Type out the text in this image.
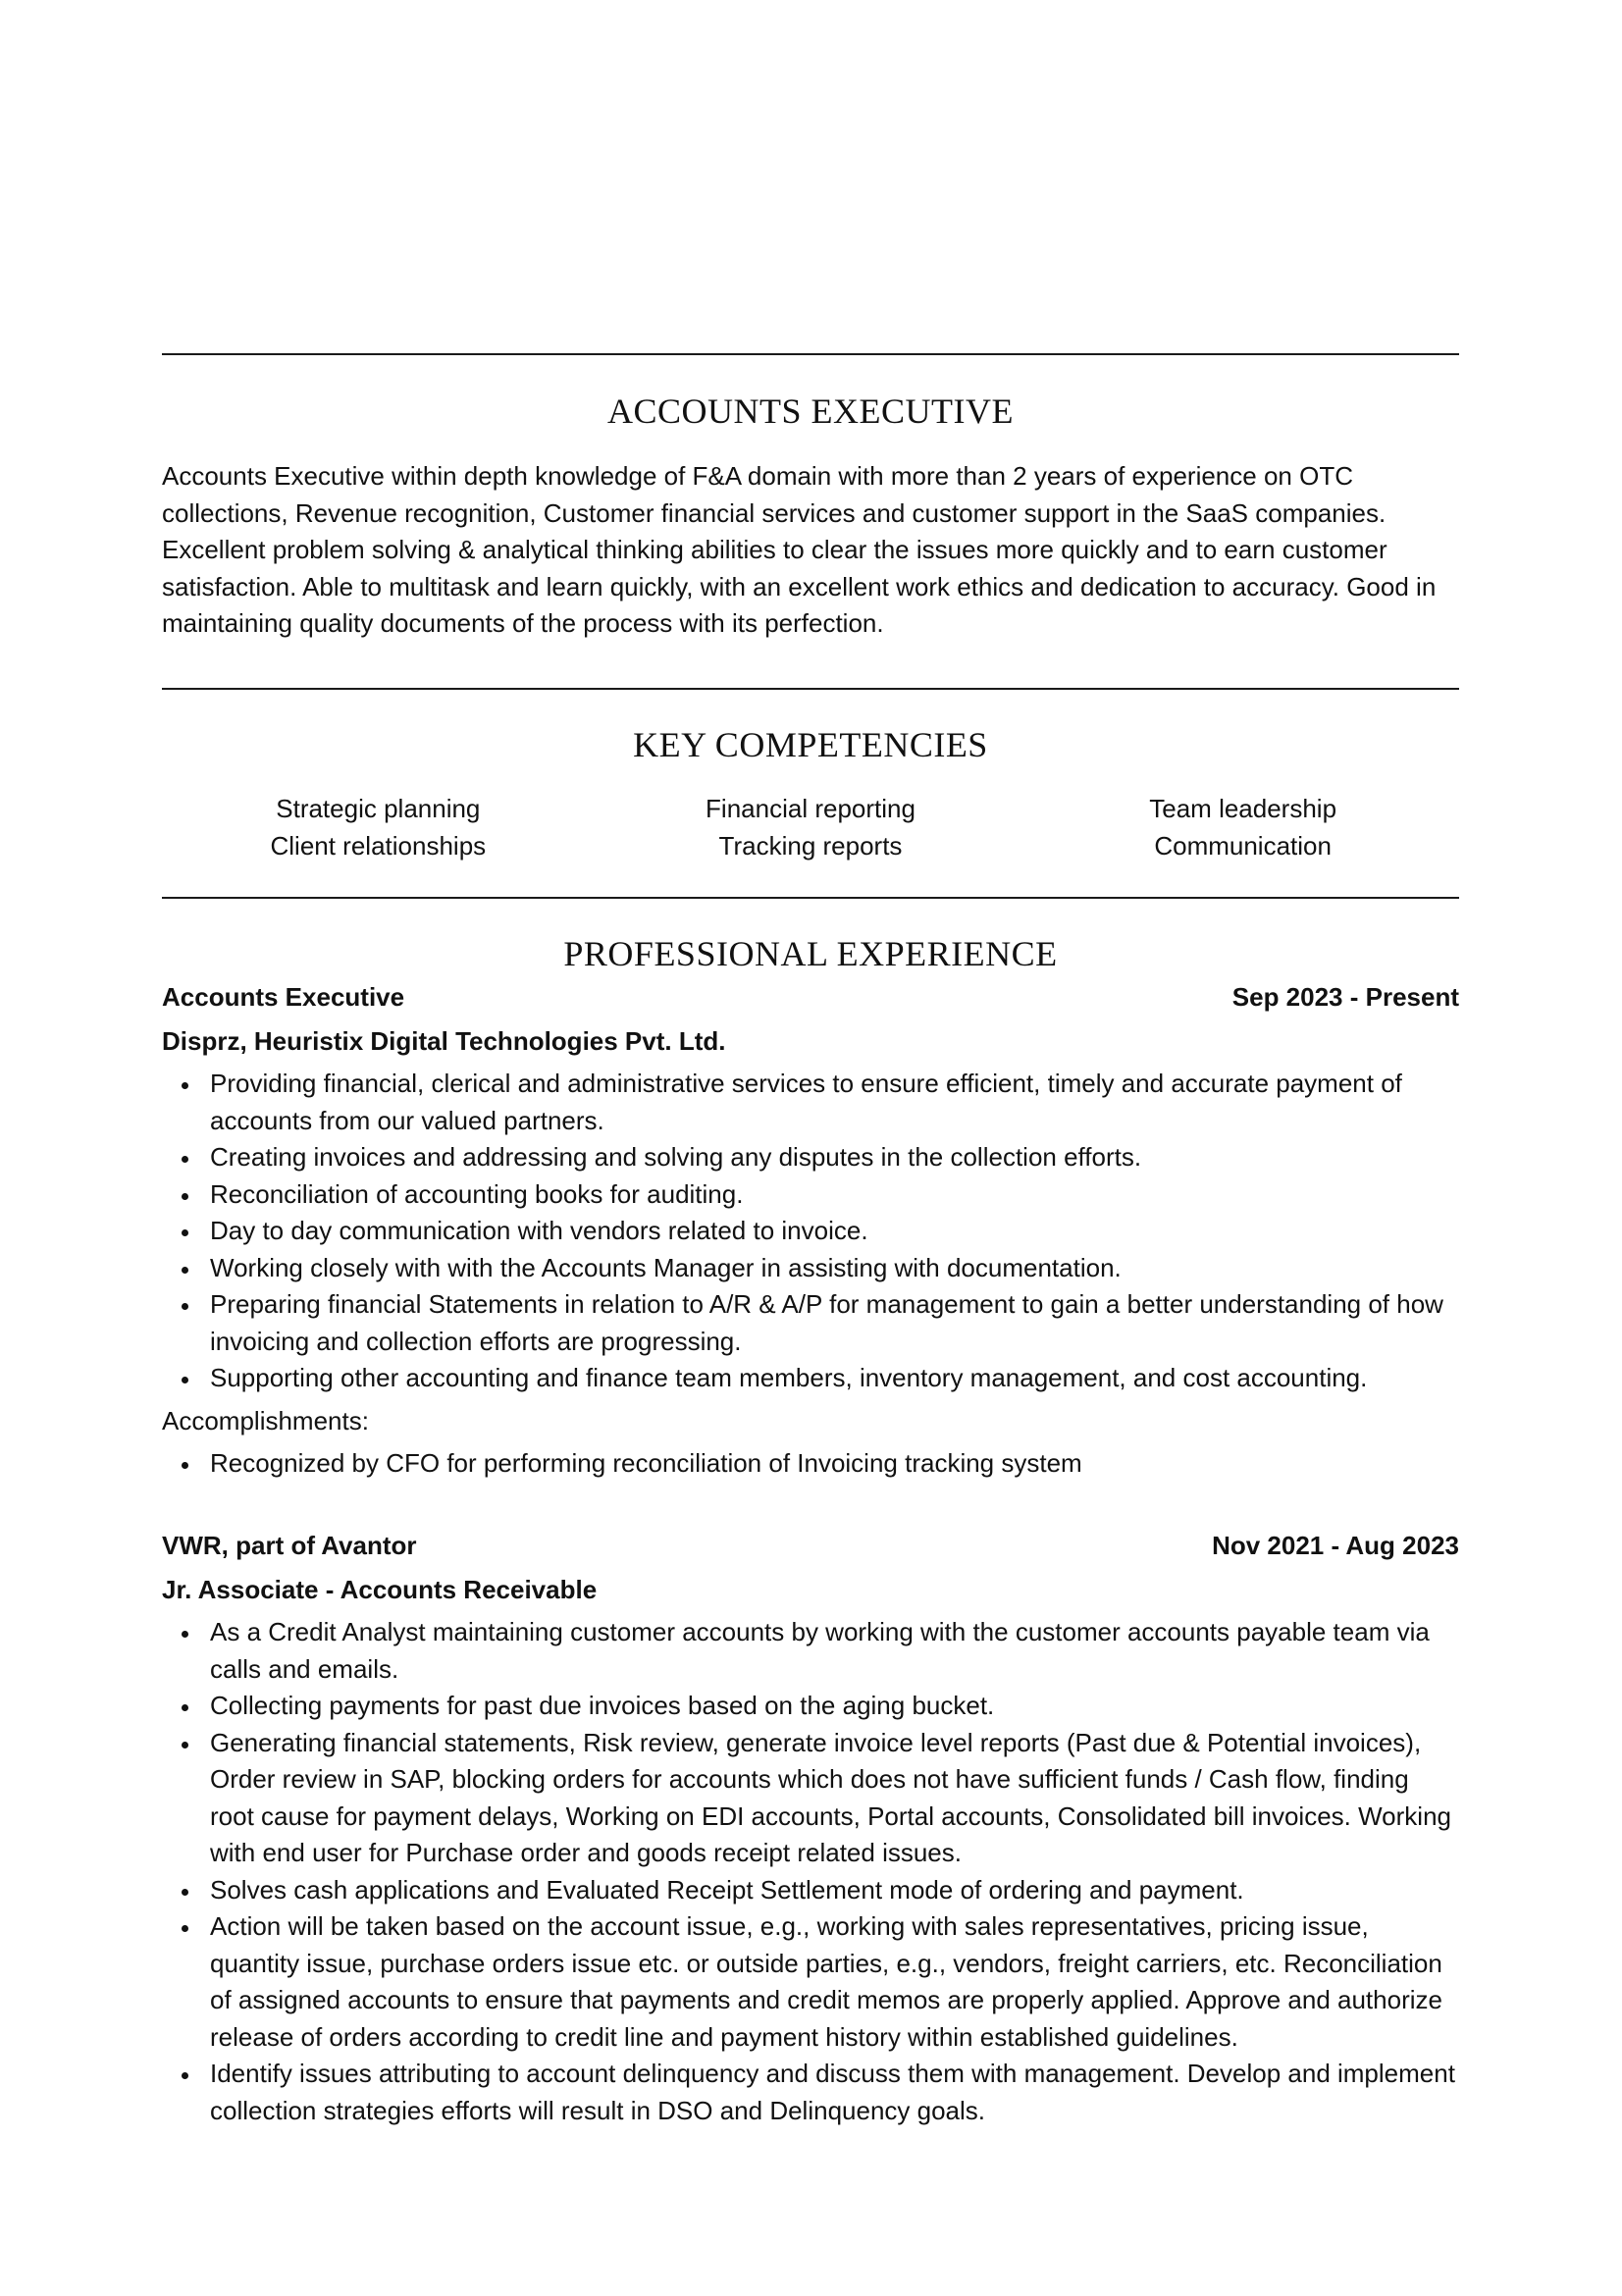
ACCOUNTS EXECUTIVE

Accounts Executive within depth knowledge of F&A domain with more than 2 years of experience on OTC collections, Revenue recognition, Customer financial services and customer support in the SaaS companies. Excellent problem solving & analytical thinking abilities to clear the issues more quickly and to earn customer satisfaction. Able to multitask and learn quickly, with an excellent work ethics and dedication to accuracy. Good in maintaining quality documents of the process with its perfection.

KEY COMPETENCIES
Strategic planning	Financial reporting	Team leadership
Client relationships	Tracking reports	Communication
PROFESSIONAL EXPERIENCE
Accounts Executive	Sep 2023 - Present
Disprz, Heuristix Digital Technologies Pvt. Ltd.
Providing financial, clerical and administrative services to ensure efficient, timely and accurate payment of accounts from our valued partners.
Creating invoices and addressing and solving any disputes in the collection efforts.
Reconciliation of accounting books for auditing.
Day to day communication with vendors related to invoice.
Working closely with with the Accounts Manager in assisting with documentation.
Preparing financial Statements in relation to A/R & A/P for management to gain a better understanding of how invoicing and collection efforts are progressing.
Supporting other accounting and finance team members, inventory management, and cost accounting.
Accomplishments:
Recognized by CFO for performing reconciliation of Invoicing tracking system
VWR, part of Avantor	Nov 2021 - Aug 2023
Jr. Associate - Accounts Receivable
As a Credit Analyst maintaining customer accounts by working with the customer accounts payable team via calls and emails.
Collecting payments for past due invoices based on the aging bucket.
Generating financial statements, Risk review, generate invoice level reports (Past due & Potential invoices), Order review in SAP, blocking orders for accounts which does not have sufficient funds / Cash flow, finding root cause for payment delays, Working on EDI accounts, Portal accounts, Consolidated bill invoices. Working with end user for Purchase order and goods receipt related issues.
Solves cash applications and Evaluated Receipt Settlement mode of ordering and payment.
Action will be taken based on the account issue, e.g., working with sales representatives, pricing issue, quantity issue, purchase orders issue etc. or outside parties, e.g., vendors, freight carriers, etc. Reconciliation of assigned accounts to ensure that payments and credit memos are properly applied. Approve and authorize release of orders according to credit line and payment history within established guidelines.
Identify issues attributing to account delinquency and discuss them with management. Develop and implement collection strategies efforts will result in DSO and Delinquency goals.
